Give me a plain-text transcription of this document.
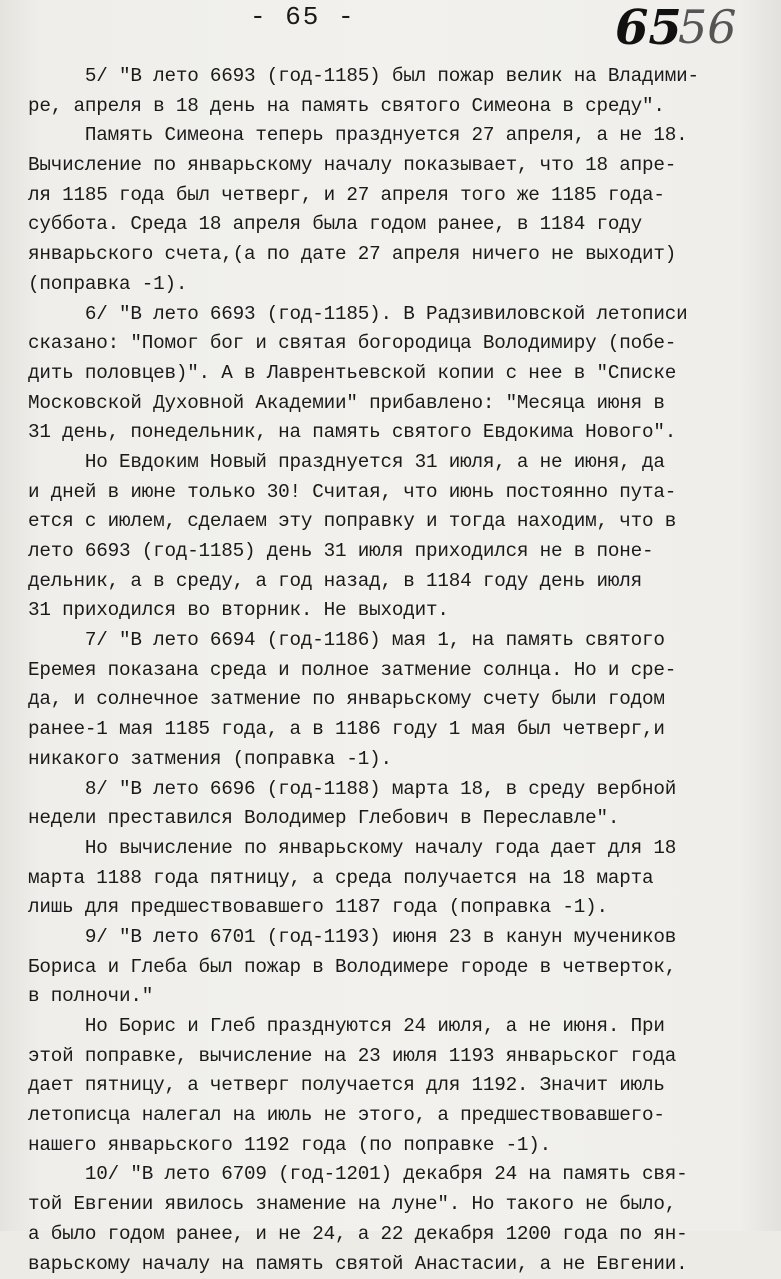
- 65 -	65
56
5/ "В лето 6693 (год-1185) был пожар велик на Владими-
ре, апреля в 18 день на память святого Симеона в среду".
Память Симеона теперь празднуется 27 апреля, а не 18.
Вычисление по январьскому началу показывает, что 18 апре-
ля 1185 года был четверг, и 27 апреля того же 1185 года-
суббота. Среда 18 апреля была годом ранее, в 1184 году
январьского счета,(а по дате 27 апреля ничего не выходит)
(поправка -1).
6/ "В лето 6693 (год-1185). В Радзивиловской летописи
сказано: "Помог бог и святая богородица Володимиру (побе-
дить половцев)". А в Лаврентьевской копии с нее в "Списке
Московской Духовной Академии" прибавлено: "Месяца июня в
31 день, понедельник, на память святого Евдокима Нового".
Но Евдоким Новый празднуется 31 июля, а не июня, да
и дней в июне только 30! Считая, что июнь постоянно пута-
ется с июлем, сделаем эту поправку и тогда находим, что в
лето 6693 (год-1185) день 31 июля приходился не в поне-
дельник, а в среду, а год назад, в 1184 году день июля
31 приходился во вторник. Не выходит.
7/ "В лето 6694 (год-1186) мая 1, на память святого
Еремея показана среда и полное затмение солнца. Но и сре-
да, и солнечное затмение по январьскому счету были годом
ранее-1 мая 1185 года, а в 1186 году 1 мая был четверг,и
никакого затмения (поправка -1).
8/ "В лето 6696 (год-1188) марта 18, в среду вербной
недели преставился Володимер Глебович в Переславле".
Но вычисление по январьскому началу года дает для 18
марта 1188 года пятницу, а среда получается на 18 марта
лишь для предшествовавшего 1187 года (поправка -1).
9/ "В лето 6701 (год-1193) июня 23 в канун мучеников
Бориса и Глеба был пожар в Володимере городе в четверток,
в полночи."
Но Борис и Глеб празднуются 24 июля, а не июня. При
этой поправке, вычисление на 23 июля 1193 январьског года
дает пятницу, а четверг получается для 1192. Значит июль
летописца налегал на июль не этого, а предшествовавшего-
нашего январьского 1192 года (по поправке -1).
10/ "В лето 6709 (год-1201) декабря 24 на память свя-
той Евгении явилось знамение на луне". Но такого не было,
а было годом ранее, и не 24, а 22 декабря 1200 года по ян-
варьскому началу на память святой Анастасии, а не Евгении.
